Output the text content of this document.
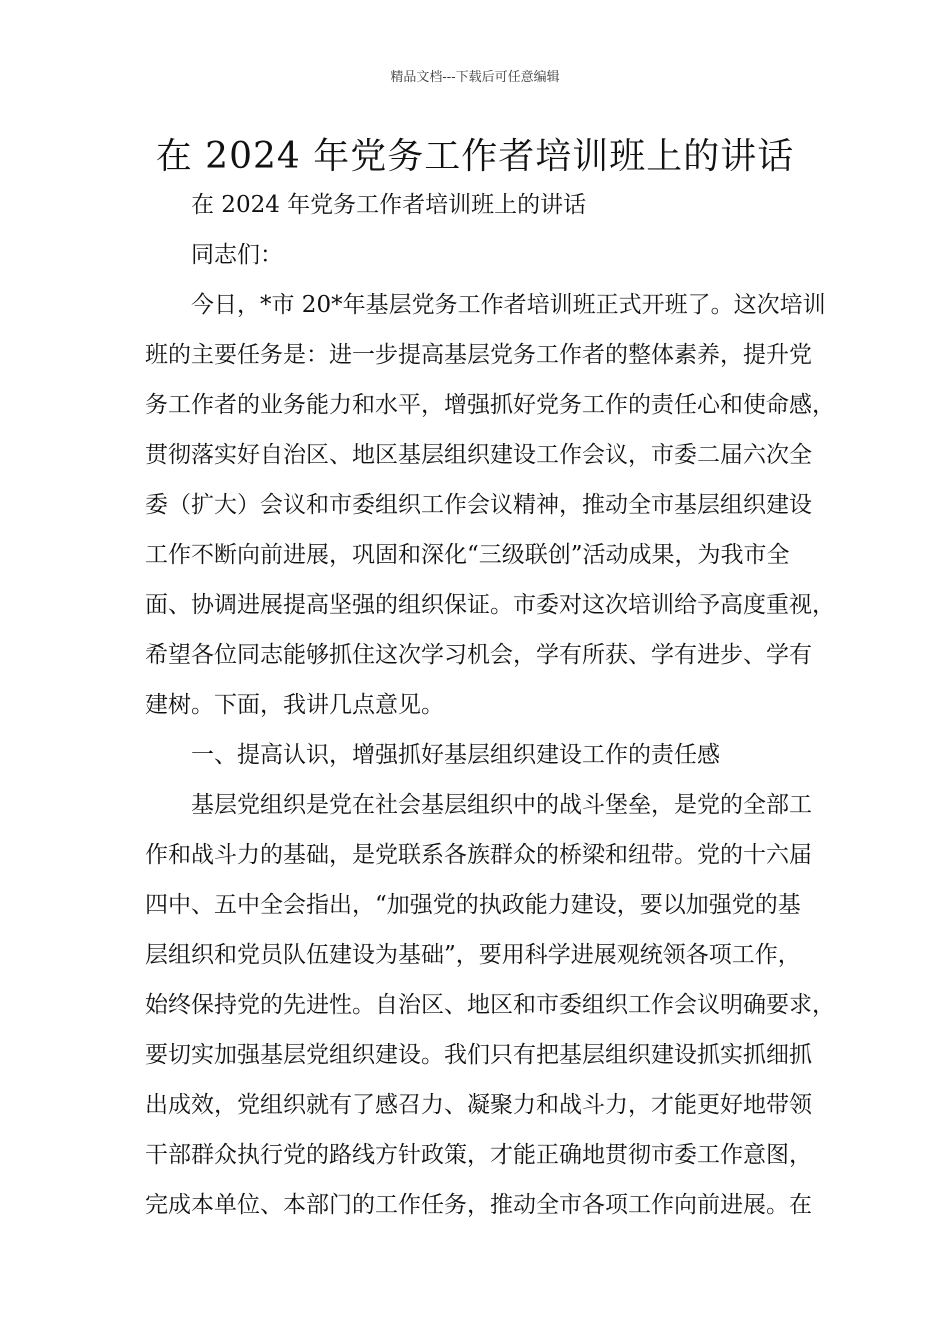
精品文档---下载后可任意编辑
在 2024 年党务工作者培训班上的讲话
在 2024 年党务工作者培训班上的讲话
同志们：
今日，*市 20*年基层党务工作者培训班正式开班了。这次培训
班的主要任务是：进一步提高基层党务工作者的整体素养，提升党
务工作者的业务能力和水平，增强抓好党务工作的责任心和使命感，
贯彻落实好自治区、地区基层组织建设工作会议，市委二届六次全
委（扩大）会议和市委组织工作会议精神，推动全市基层组织建设
工作不断向前进展，巩固和深化“三级联创”活动成果，为我市全
面、协调进展提高坚强的组织保证。市委对这次培训给予高度重视，
希望各位同志能够抓住这次学习机会，学有所获、学有进步、学有
建树。下面，我讲几点意见。
一、提高认识，增强抓好基层组织建设工作的责任感
基层党组织是党在社会基层组织中的战斗堡垒，是党的全部工
作和战斗力的基础，是党联系各族群众的桥梁和纽带。党的十六届
四中、五中全会指出，“加强党的执政能力建设，要以加强党的基
层组织和党员队伍建设为基础”，要用科学进展观统领各项工作，
始终保持党的先进性。自治区、地区和市委组织工作会议明确要求，
要切实加强基层党组织建设。我们只有把基层组织建设抓实抓细抓
出成效，党组织就有了感召力、凝聚力和战斗力，才能更好地带领
干部群众执行党的路线方针政策，才能正确地贯彻市委工作意图，
完成本单位、本部门的工作任务，推动全市各项工作向前进展。在
